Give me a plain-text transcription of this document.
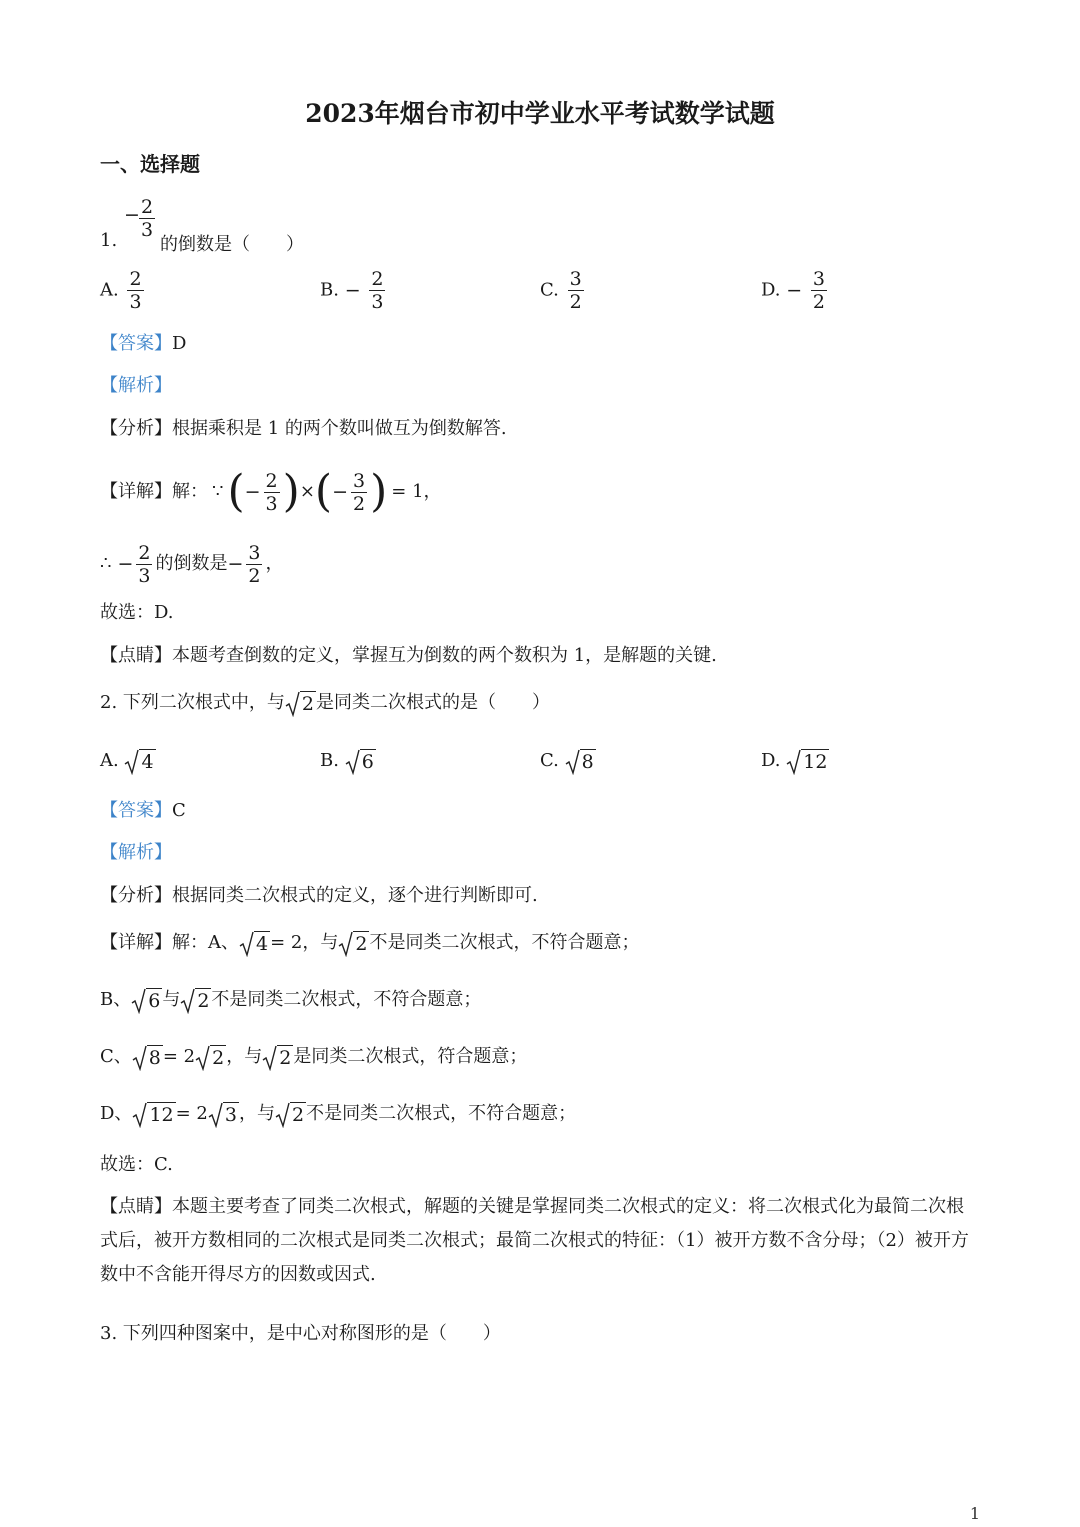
2023年烟台市初中学业水平考试数学试题
一、选择题
1.
− 2
3
的倒数是（　　）
A. $\frac{2}{3}$	B. − $\frac{2}{3}$	C. $\frac{3}{2}$	D. − $\frac{3}{2}$
【答案】D
【解析】
【分析】根据乘积是 1 的两个数叫做互为倒数解答.
【详解】解： ∵ ( − $\frac{2}{3}$ ) × ( − $\frac{3}{2}$ ) = 1，
∴ − $\frac{2}{3}$ 的倒数是 − $\frac{3}{2}$ ，
故选：D.
【点睛】本题考查倒数的定义，掌握互为倒数的两个数积为 1，是解题的关键.
2. 下列二次根式中，与 2 是同类二次根式的是（　　）
A.
	4	B.
	6	C.
	8	D.
	12
【答案】C
【解析】
【分析】根据同类二次根式的定义，逐个进行判断即可.
【详解】解：A、 4 = 2 ，与 2 不是同类二次根式，不符合题意；
B、 6 与 2 不是同类二次根式，不符合题意；
C、 8 = 2 2 ，与 2 是同类二次根式，符合题意；
D、 12 = 2 3 ，与 2 不是同类二次根式，不符合题意；
故选：C.
【点睛】本题主要考查了同类二次根式，解题的关键是掌握同类二次根式的定义：将二次根式化为最简二次根式后，被开方数相同的二次根式是同类二次根式；最简二次根式的特征：（1）被开方数不含分母；（2）被开方数中不含能开得尽方的因数或因式.
3. 下列四种图案中，是中心对称图形的是（　　）
1
